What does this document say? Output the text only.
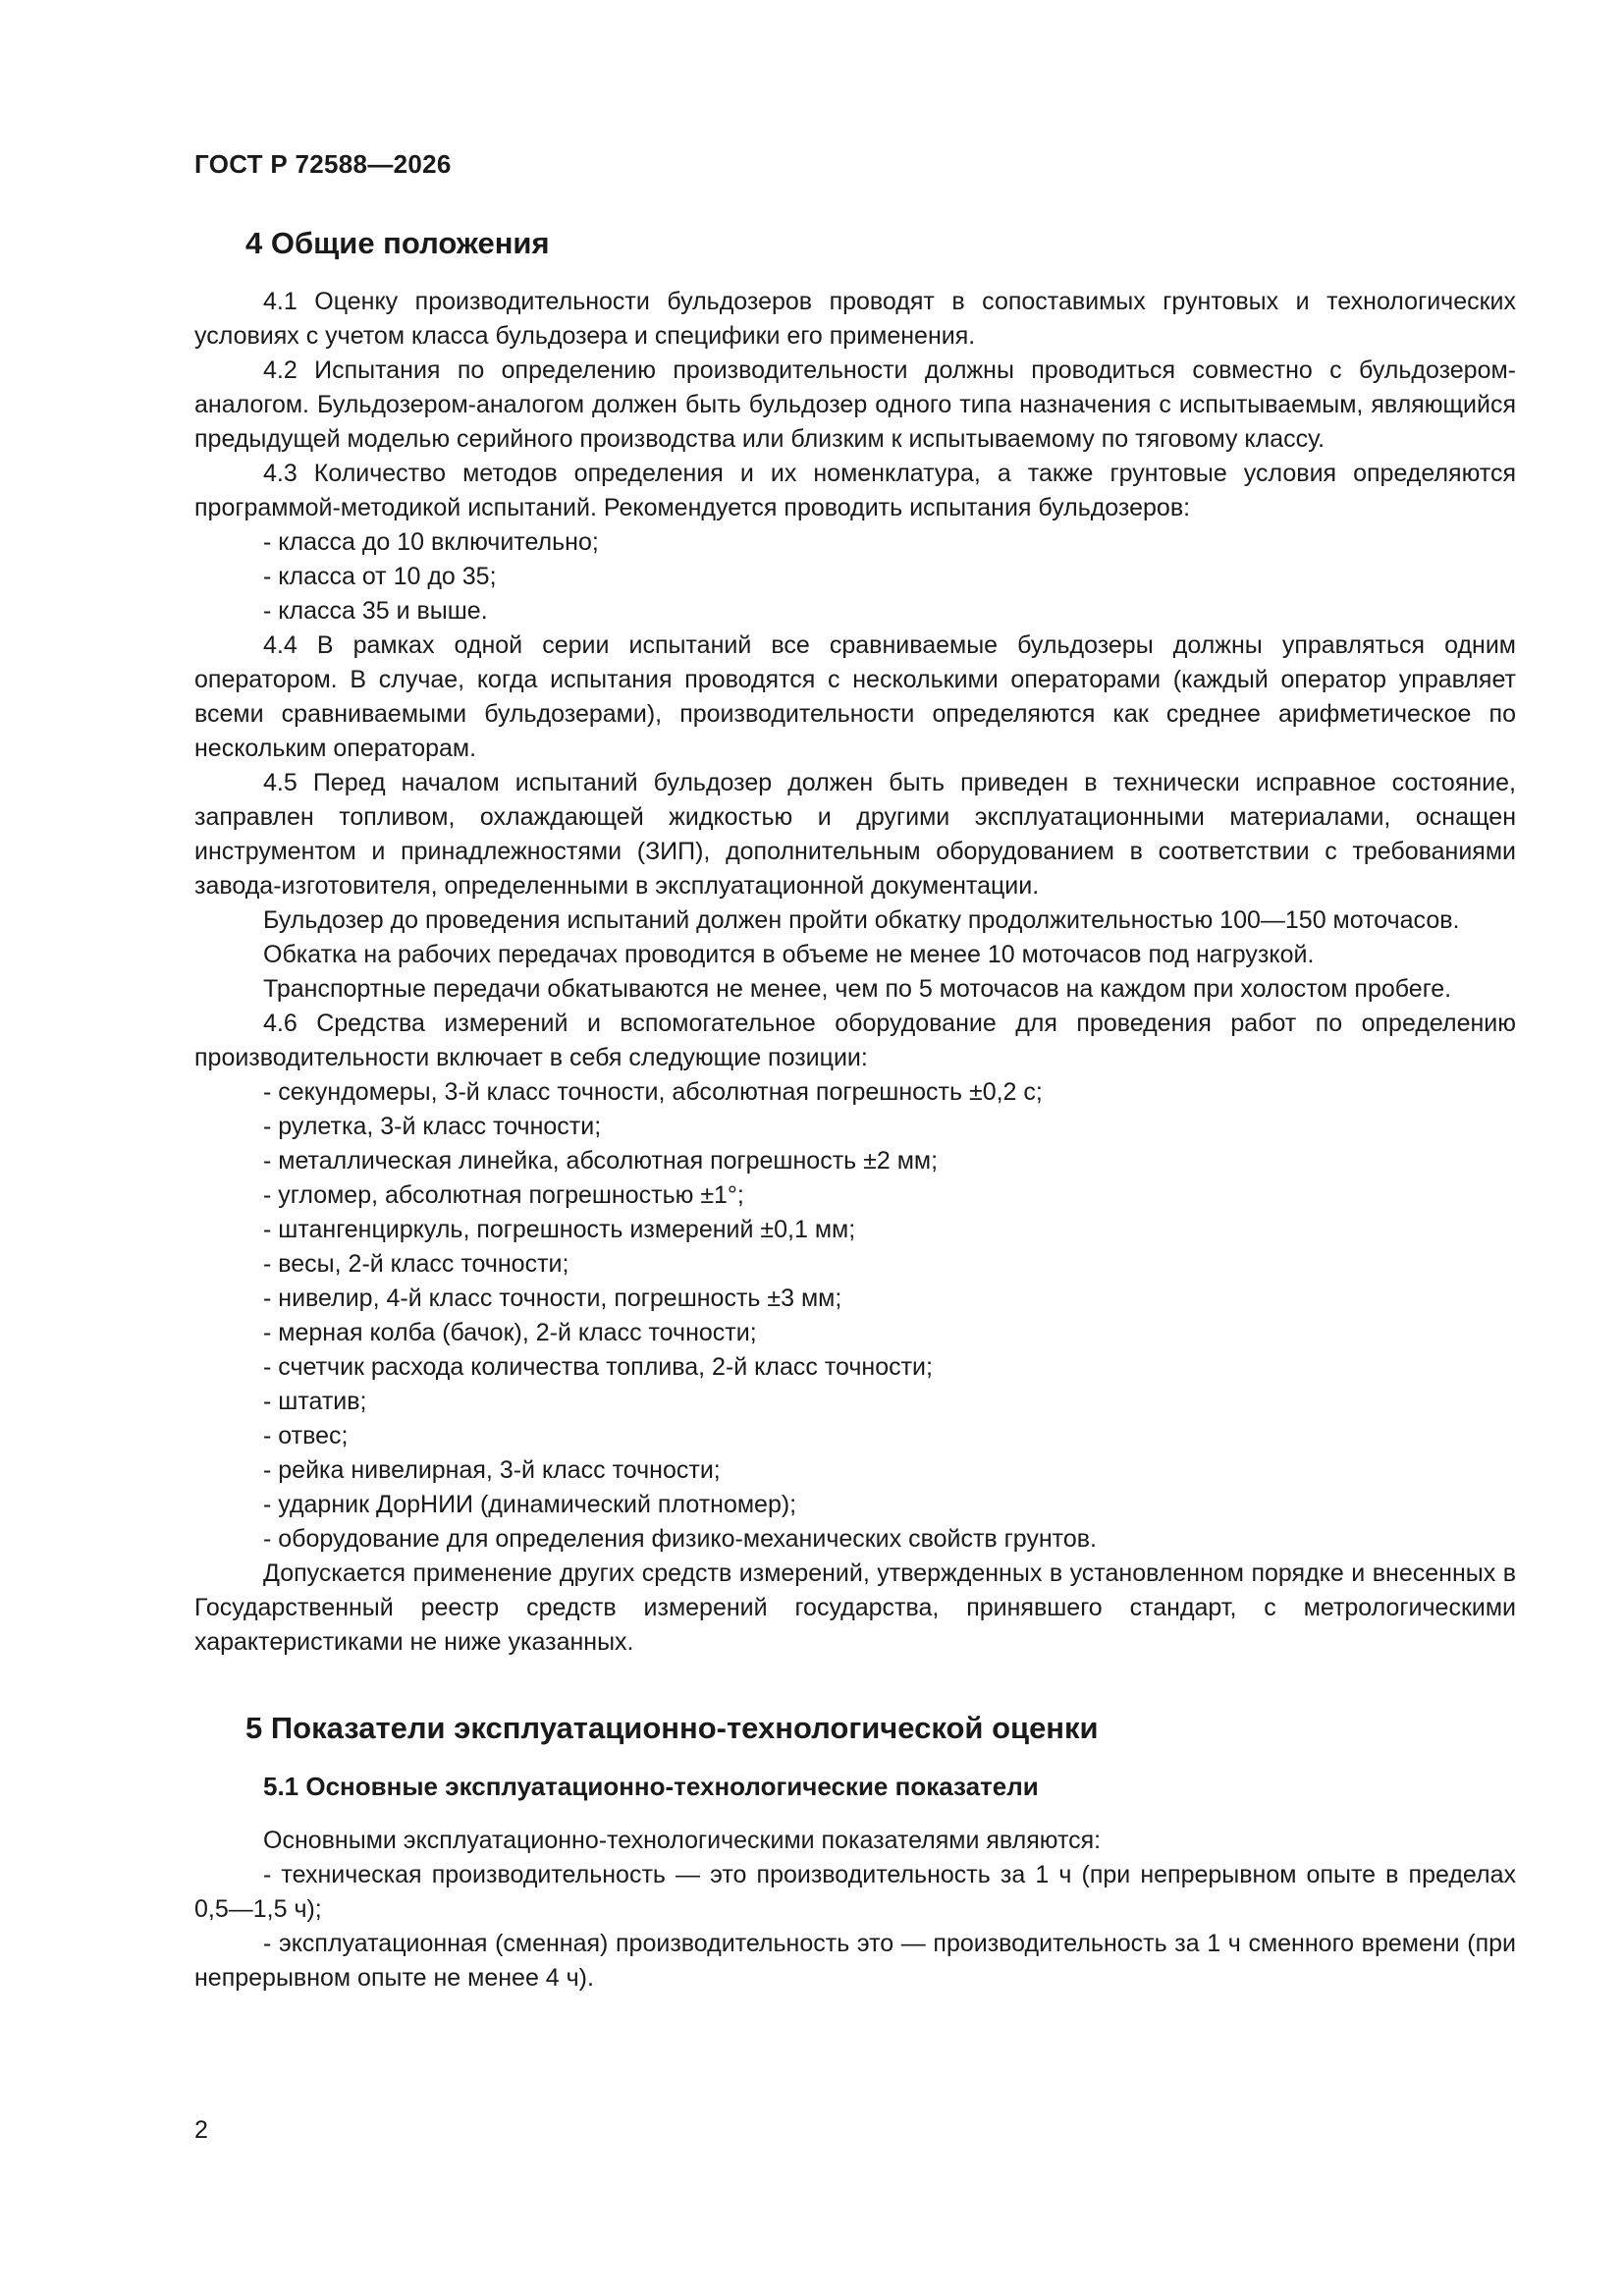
ГОСТ Р 72588—2026
4 Общие положения

4.1 Оценку производительности бульдозеров проводят в сопоставимых грунтовых и технологических условиях с учетом класса бульдозера и специфики его применения.

4.2 Испытания по определению производительности должны проводиться совместно с бульдозером-аналогом. Бульдозером-аналогом должен быть бульдозер одного типа назначения с испытываемым, являющийся предыдущей моделью серийного производства или близким к испытываемому по тяговому классу.

4.3 Количество методов определения и их номенклатура, а также грунтовые условия определяются программой-методикой испытаний. Рекомендуется проводить испытания бульдозеров:

- класса до 10 включительно;

- класса от 10 до 35;

- класса 35 и выше.

4.4 В рамках одной серии испытаний все сравниваемые бульдозеры должны управляться одним оператором. В случае, когда испытания проводятся с несколькими операторами (каждый оператор управляет всеми сравниваемыми бульдозерами), производительности определяются как среднее арифметическое по нескольким операторам.

4.5 Перед началом испытаний бульдозер должен быть приведен в технически исправное состояние, заправлен топливом, охлаждающей жидкостью и другими эксплуатационными материалами, оснащен инструментом и принадлежностями (ЗИП), дополнительным оборудованием в соответствии с требованиями завода-изготовителя, определенными в эксплуатационной документации.

Бульдозер до проведения испытаний должен пройти обкатку продолжительностью 100—150 моточасов.

Обкатка на рабочих передачах проводится в объеме не менее 10 моточасов под нагрузкой.

Транспортные передачи обкатываются не менее, чем по 5 моточасов на каждом при холостом пробеге.

4.6 Средства измерений и вспомогательное оборудование для проведения работ по определению производительности включает в себя следующие позиции:

- секундомеры, 3-й класс точности, абсолютная погрешность ±0,2 с;

- рулетка, 3-й класс точности;

- металлическая линейка, абсолютная погрешность ±2 мм;

- угломер, абсолютная погрешностью ±1°;

- штангенциркуль, погрешность измерений ±0,1 мм;

- весы, 2-й класс точности;

- нивелир, 4-й класс точности, погрешность ±3 мм;

- мерная колба (бачок), 2-й класс точности;

- счетчик расхода количества топлива, 2-й класс точности;

- штатив;

- отвес;

- рейка нивелирная, 3-й класс точности;

- ударник ДорНИИ (динамический плотномер);

- оборудование для определения физико-механических свойств грунтов.

Допускается применение других средств измерений, утвержденных в установленном порядке и внесенных в Государственный реестр средств измерений государства, принявшего стандарт, с метрологическими характеристиками не ниже указанных.

5 Показатели эксплуатационно-технологической оценки
5.1 Основные эксплуатационно-технологические показатели

Основными эксплуатационно-технологическими показателями являются:

- техническая производительность — это производительность за 1 ч (при непрерывном опыте в пределах 0,5—1,5 ч);

- эксплуатационная (сменная) производительность это — производительность за 1 ч сменного времени (при непрерывном опыте не менее 4 ч).

2
